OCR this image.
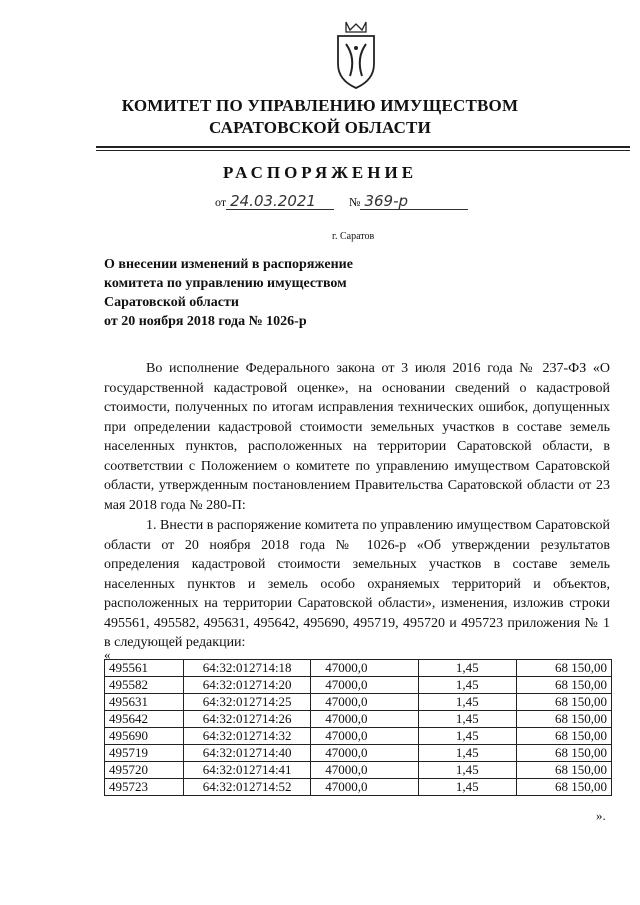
КОМИТЕТ ПО УПРАВЛЕНИЮ ИМУЩЕСТВОМ
САРАТОВСКОЙ ОБЛАСТИ
РАСПОРЯЖЕНИЕ
от 24.03.2021	№ 369-р
г. Саратов
О внесении изменений в распоряжение
комитета по управлению имуществом
Саратовской области
от 20 ноября 2018 года № 1026-р
Во исполнение Федерального закона от 3 июля 2016 года № 237-ФЗ «О государственной кадастровой оценке», на основании сведений о кадастровой стоимости, полученных по итогам исправления технических ошибок, допущенных при определении кадастровой стоимости земельных участков в составе земель населенных пунктов, расположенных на территории Саратовской области, в соответствии с Положением о комитете по управлению имуществом Саратовской области, утвержденным постановлением Правительства Саратовской области от 23 мая 2018 года № 280-П:
1. Внести в распоряжение комитета по управлению имуществом Саратовской области от 20 ноября 2018 года № 1026-р «Об утверждении результатов определения кадастровой стоимости земельных участков в составе земель населенных пунктов и земель особо охраняемых территорий и объектов, расположенных на территории Саратовской области», изменения, изложив строки 495561, 495582, 495631, 495642, 495690, 495719, 495720 и 495723 приложения № 1 в следующей редакции:
«
495561	64:32:012714:18	47000,0	1,45	68 150,00
495582	64:32:012714:20	47000,0	1,45	68 150,00
495631	64:32:012714:25	47000,0	1,45	68 150,00
495642	64:32:012714:26	47000,0	1,45	68 150,00
495690	64:32:012714:32	47000,0	1,45	68 150,00
495719	64:32:012714:40	47000,0	1,45	68 150,00
495720	64:32:012714:41	47000,0	1,45	68 150,00
495723	64:32:012714:52	47000,0	1,45	68 150,00
».
